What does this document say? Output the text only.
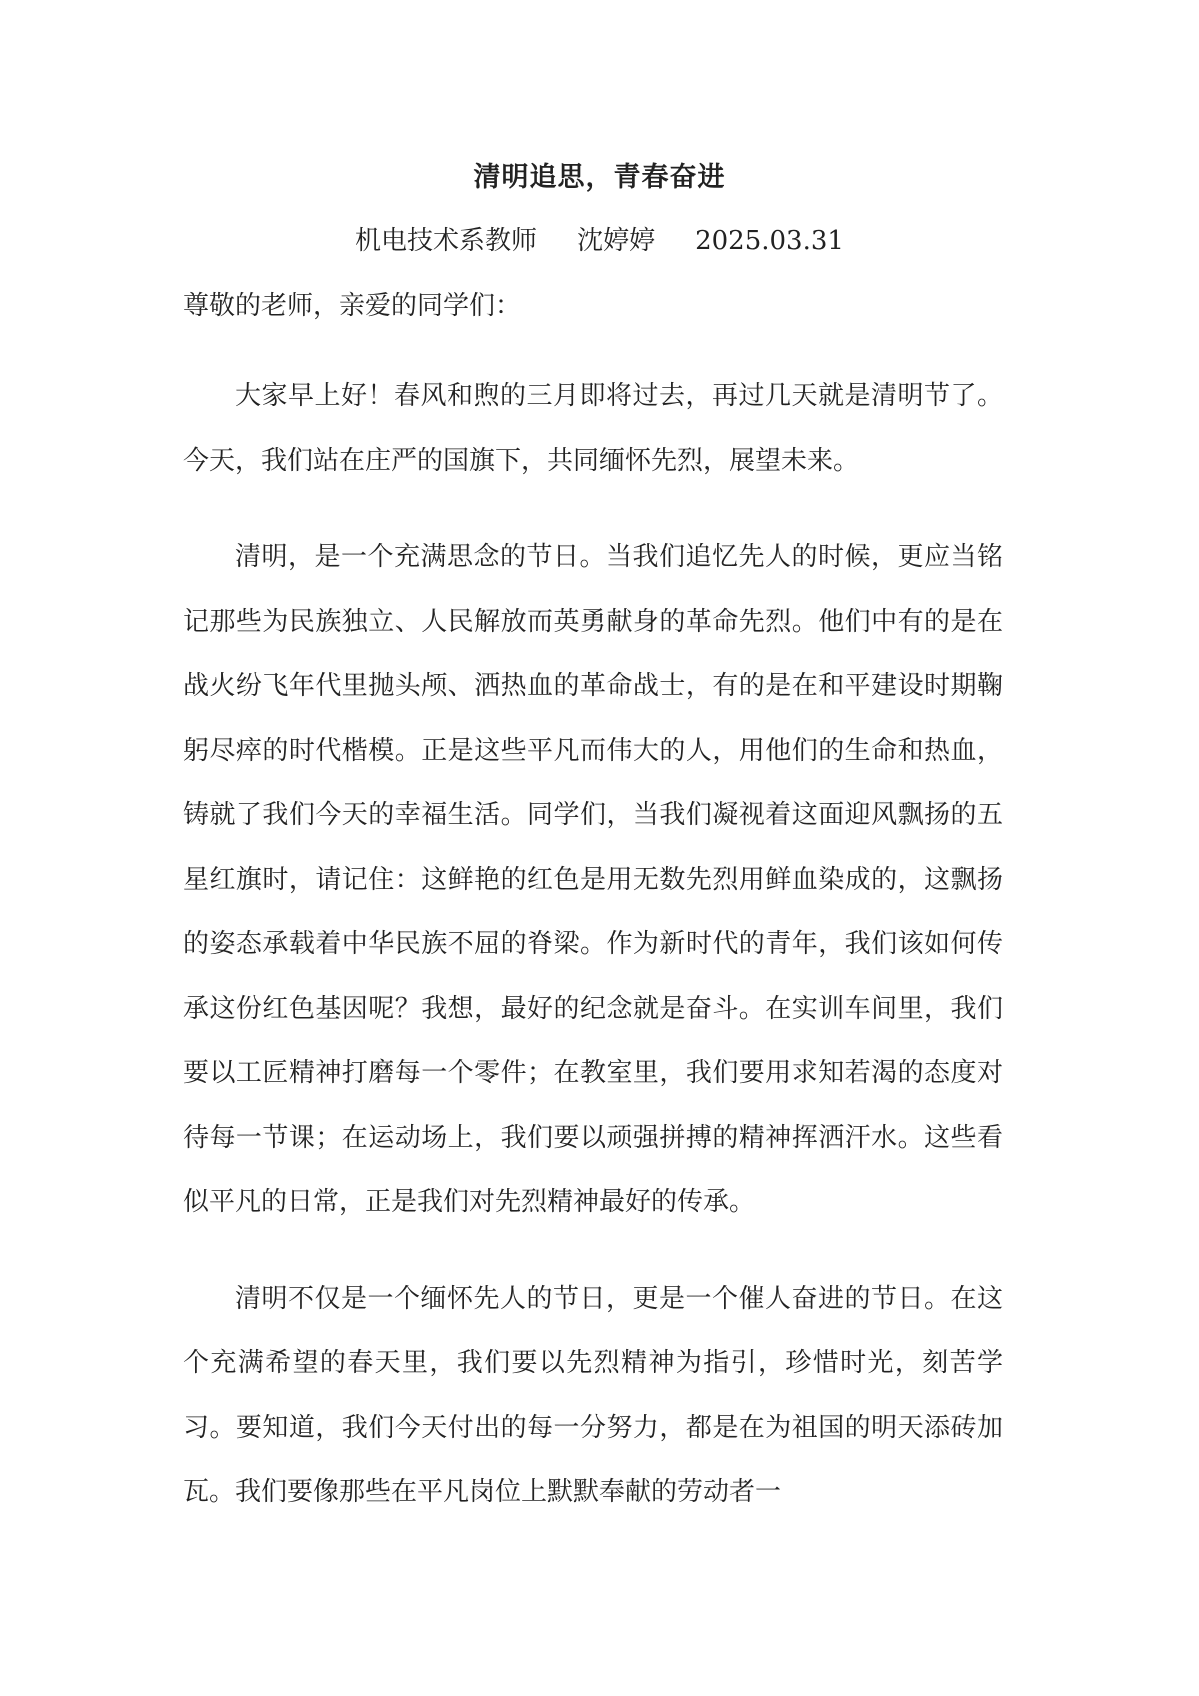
清明追思，青春奋进
机电技术系教师 沈婷婷 2025.03.31

尊敬的老师，亲爱的同学们：

大家早上好！春风和煦的三月即将过去，再过几天就是清明节了。今天，我们站在庄严的国旗下，共同缅怀先烈，展望未来。

清明，是一个充满思念的节日。当我们追忆先人的时候，更应当铭记那些为民族独立、人民解放而英勇献身的革命先烈。他们中有的是在战火纷飞年代里抛头颅、洒热血的革命战士，有的是在和平建设时期鞠躬尽瘁的时代楷模。正是这些平凡而伟大的人，用他们的生命和热血，铸就了我们今天的幸福生活。同学们，当我们凝视着这面迎风飘扬的五星红旗时，请记住：这鲜艳的红色是用无数先烈用鲜血染成的，这飘扬的姿态承载着中华民族不屈的脊梁。作为新时代的青年，我们该如何传承这份红色基因呢？我想，最好的纪念就是奋斗。在实训车间里，我们要以工匠精神打磨每一个零件；在教室里，我们要用求知若渴的态度对待每一节课；在运动场上，我们要以顽强拼搏的精神挥洒汗水。这些看似平凡的日常，正是我们对先烈精神最好的传承。

清明不仅是一个缅怀先人的节日，更是一个催人奋进的节日。在这个充满希望的春天里，我们要以先烈精神为指引，珍惜时光，刻苦学习。要知道，我们今天付出的每一分努力，都是在为祖国的明天添砖加瓦。我们要像那些在平凡岗位上默默奉献的劳动者一
